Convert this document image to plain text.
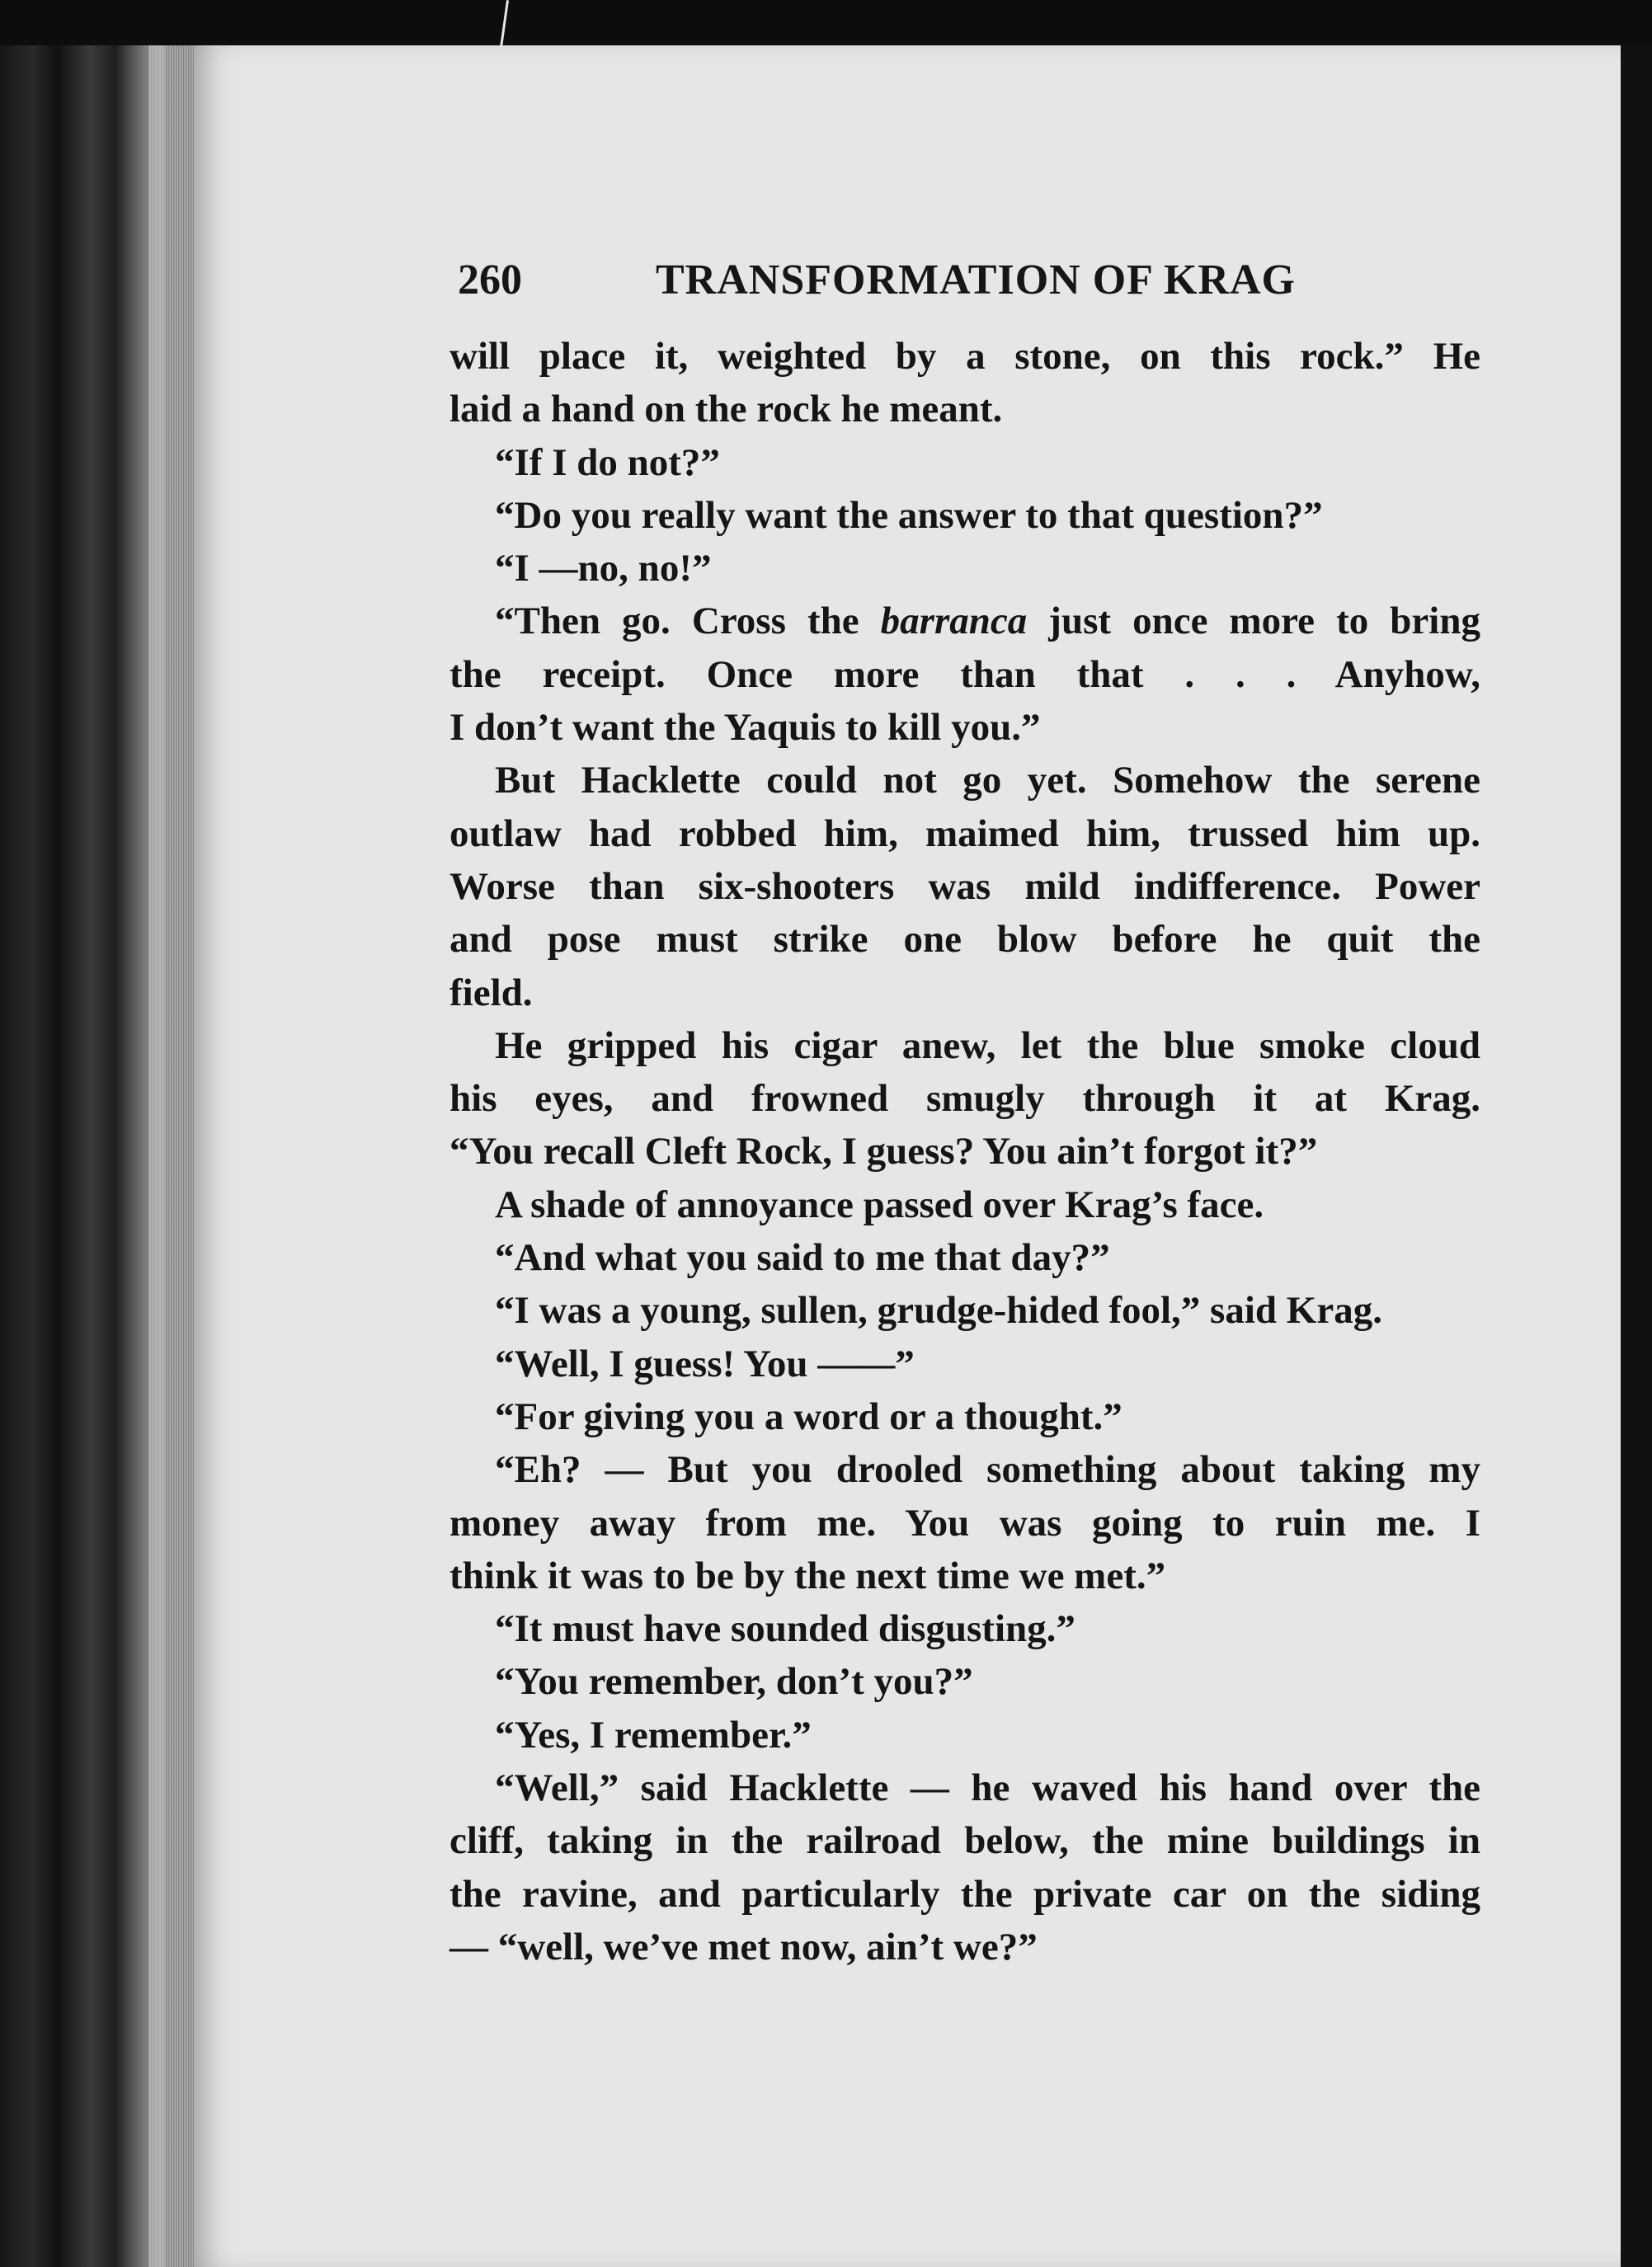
260	TRANSFORMATION OF KRAG
will place it, weighted by a stone, on this rock.” He
laid a hand on the rock he meant.
“If I do not?”
“Do you really want the answer to that question?”
“I —no, no!”
“Then go. Cross the barranca just once more to bring
the receipt. Once more than that . . . Anyhow,
I don’t want the Yaquis to kill you.”
But Hacklette could not go yet. Somehow the serene
outlaw had robbed him, maimed him, trussed him up.
Worse than six-shooters was mild indifference. Power
and pose must strike one blow before he quit the
field.
He gripped his cigar anew, let the blue smoke cloud
his eyes, and frowned smugly through it at Krag.
“You recall Cleft Rock, I guess? You ain’t forgot it?”
A shade of annoyance passed over Krag’s face.
“And what you said to me that day?”
“I was a young, sullen, grudge-hided fool,” said Krag.
“Well, I guess! You ——”
“For giving you a word or a thought.”
“Eh? — But you drooled something about taking my
money away from me. You was going to ruin me. I
think it was to be by the next time we met.”
“It must have sounded disgusting.”
“You remember, don’t you?”
“Yes, I remember.”
“Well,” said Hacklette — he waved his hand over the
cliff, taking in the railroad below, the mine buildings in
the ravine, and particularly the private car on the siding
— “well, we’ve met now, ain’t we?”
